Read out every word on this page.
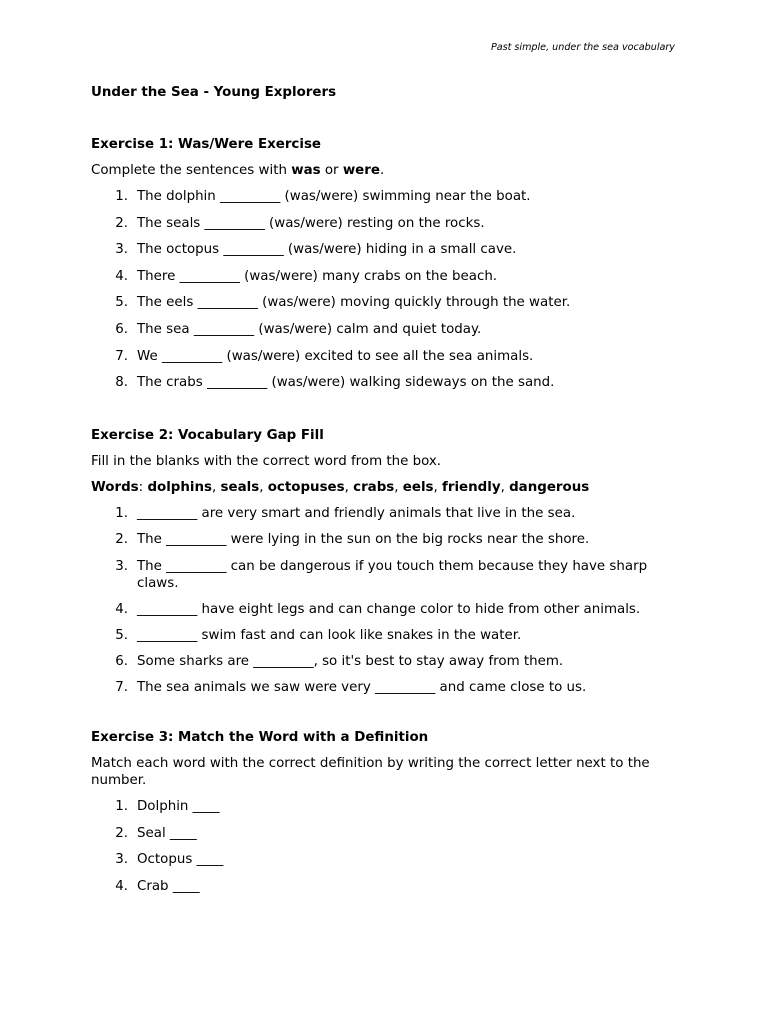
Past simple, under the sea vocabulary
Under the Sea - Young Explorers
Exercise 1: Was/Were Exercise
Complete the sentences with was or were.
1. The dolphin _________ (was/were) swimming near the boat.
2. The seals _________ (was/were) resting on the rocks.
3. The octopus _________ (was/were) hiding in a small cave.
4. There _________ (was/were) many crabs on the beach.
5. The eels _________ (was/were) moving quickly through the water.
6. The sea _________ (was/were) calm and quiet today.
7. We _________ (was/were) excited to see all the sea animals.
8. The crabs _________ (was/were) walking sideways on the sand.
Exercise 2: Vocabulary Gap Fill
Fill in the blanks with the correct word from the box.
Words: dolphins, seals, octopuses, crabs, eels, friendly, dangerous
1. _________ are very smart and friendly animals that live in the sea.
2. The _________ were lying in the sun on the big rocks near the shore.
3. The _________ can be dangerous if you touch them because they have sharp claws.
4. _________ have eight legs and can change color to hide from other animals.
5. _________ swim fast and can look like snakes in the water.
6. Some sharks are _________, so it's best to stay away from them.
7. The sea animals we saw were very _________ and came close to us.
Exercise 3: Match the Word with a Definition
Match each word with the correct definition by writing the correct letter next to the number.
1. Dolphin ____
2. Seal ____
3. Octopus ____
4. Crab ____
